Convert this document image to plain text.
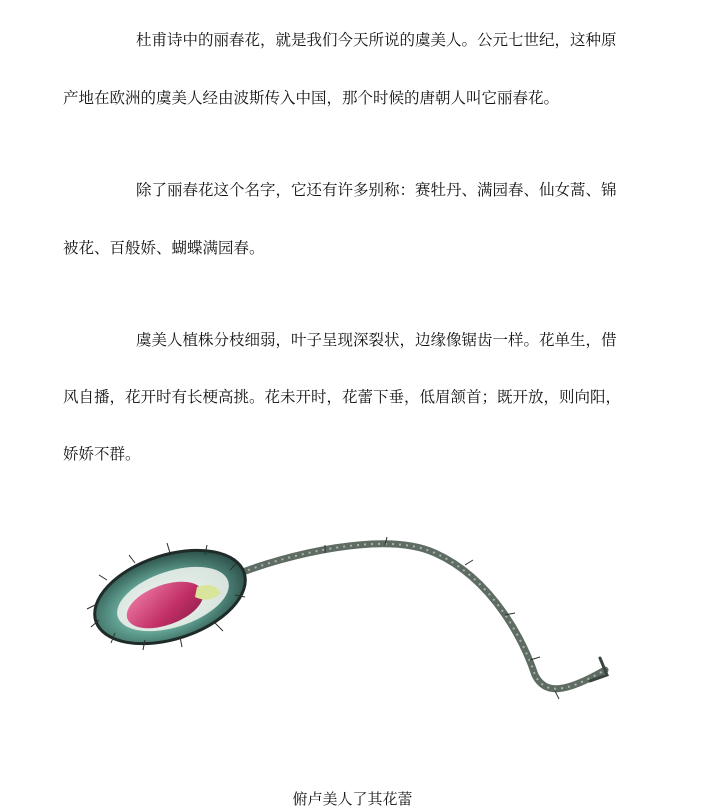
杜甫诗中的丽春花，就是我们今天所说的虞美人。公元七世纪，这种原
产地在欧洲的虞美人经由波斯传入中国，那个时候的唐朝人叫它丽春花。

除了丽春花这个名字，它还有许多别称：赛牡丹、满园春、仙女蒿、锦
被花、百般娇、蝴蝶满园春。

虞美人植株分枝细弱，叶子呈现深裂状，边缘像锯齿一样。花单生，借
风自播，花开时有长梗高挑。花未开时，花蕾下垂，低眉颔首；既开放，则向阳，
娇娇不群。

俯卢美人了其花蕾
